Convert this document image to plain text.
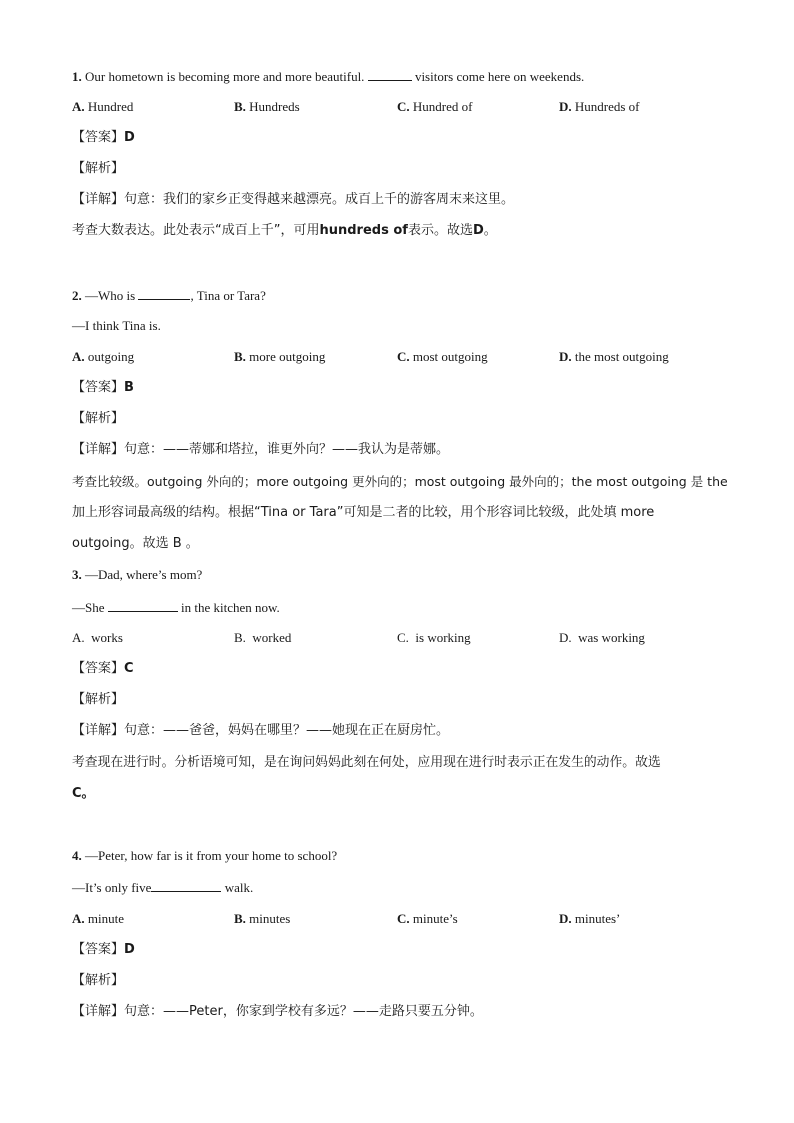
1. Our hometown is becoming more and more beautiful.	visitors come here on weekends.
A. Hundred	B. Hundreds	C. Hundred of	D. Hundreds of
【答案】D
【解析】
【详解】句意：我们的家乡正变得越来越漂亮。成百上千的游客周末来这里。
考查大数表达。此处表示“成百上千”，可用hundreds of表示。故选D。
2. —Who is	, Tina or Tara?
—I think Tina is.
A. outgoing	B. more outgoing	C. most outgoing	D. the most outgoing
【答案】B
【解析】
【详解】句意：——蒂娜和塔拉，谁更外向？——我认为是蒂娜。
考查比较级。outgoing 外向的；more outgoing 更外向的；most outgoing 最外向的；the most outgoing 是 the
加上形容词最高级的结构。根据“Tina or Tara”可知是二者的比较，用个形容词比较级，此处填 more
outgoing。故选 B 。
3. —Dad, where’s mom?
—She	in the kitchen now.
A. works	B. worked	C. is working	D. was working
【答案】C
【解析】
【详解】句意：——爸爸，妈妈在哪里？——她现在正在厨房忙。
考查现在进行时。分析语境可知，是在询问妈妈此刻在何处，应用现在进行时表示正在发生的动作。故选
C。
4. —Peter, how far is it from your home to school?
—It’s only five	walk.
A. minute	B. minutes	C. minute’s	D. minutes’
【答案】D
【解析】
【详解】句意：——Peter，你家到学校有多远？——走路只要五分钟。
